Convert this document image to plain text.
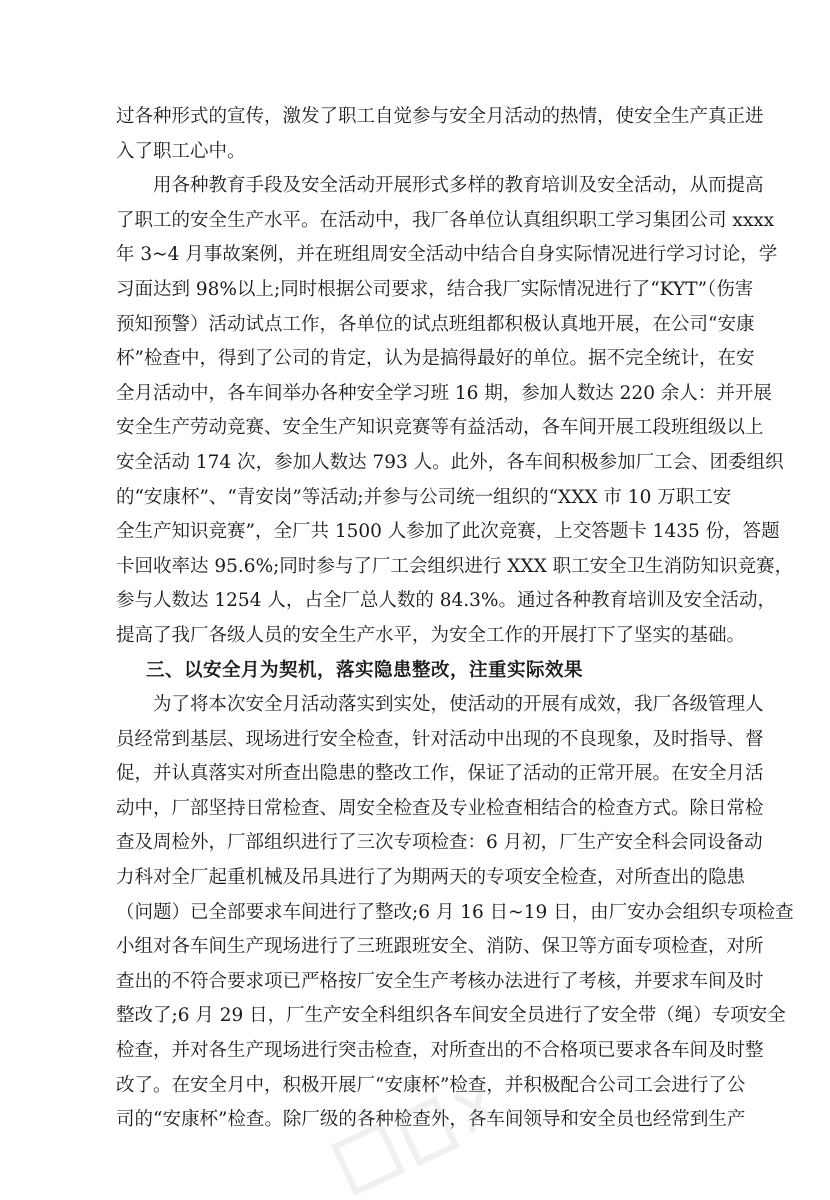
过各种形式的宣传，激发了职工自觉参与安全月活动的热情，使安全生产真正进
入了职工心中。
用各种教育手段及安全活动开展形式多样的教育培训及安全活动，从而提高
了职工的安全生产水平。在活动中，我厂各单位认真组织职工学习集团公司 xxxx
年 3~4 月事故案例，并在班组周安全活动中结合自身实际情况进行学习讨论，学
习面达到 98%以上;同时根据公司要求，结合我厂实际情况进行了“KYT”（伤害
预知预警）活动试点工作，各单位的试点班组都积极认真地开展，在公司“安康
杯”检查中，得到了公司的肯定，认为是搞得最好的单位。据不完全统计，在安
全月活动中，各车间举办各种安全学习班 16 期，参加人数达 220 余人：并开展
安全生产劳动竞赛、安全生产知识竞赛等有益活动，各车间开展工段班组级以上
安全活动 174 次，参加人数达 793 人。此外，各车间积极参加厂工会、团委组织
的“安康杯”、“青安岗”等活动;并参与公司统一组织的“XXX 市 10 万职工安
全生产知识竞赛”，全厂共 1500 人参加了此次竞赛，上交答题卡 1435 份，答题
卡回收率达 95.6%;同时参与了厂工会组织进行 XXX 职工安全卫生消防知识竞赛，
参与人数达 1254 人，占全厂总人数的 84.3%。通过各种教育培训及安全活动，
提高了我厂各级人员的安全生产水平，为安全工作的开展打下了坚实的基础。
三、以安全月为契机，落实隐患整改，注重实际效果
为了将本次安全月活动落实到实处，使活动的开展有成效，我厂各级管理人
员经常到基层、现场进行安全检查，针对活动中出现的不良现象，及时指导、督
促，并认真落实对所查出隐患的整改工作，保证了活动的正常开展。在安全月活
动中，厂部坚持日常检查、周安全检查及专业检查相结合的检查方式。除日常检
查及周检外，厂部组织进行了三次专项检查：6 月初，厂生产安全科会同设备动
力科对全厂起重机械及吊具进行了为期两天的专项安全检查，对所查出的隐患
（问题）已全部要求车间进行了整改;6 月 16 日~19 日，由厂安办会组织专项检查
小组对各车间生产现场进行了三班跟班安全、消防、保卫等方面专项检查，对所
查出的不符合要求项已严格按厂安全生产考核办法进行了考核，并要求车间及时
整改了;6 月 29 日，厂生产安全科组织各车间安全员进行了安全带（绳）专项安全
检查，并对各生产现场进行突击检查，对所查出的不合格项已要求各车间及时整
改了。在安全月中，积极开展厂“安康杯”检查，并积极配合公司工会进行了公
司的“安康杯”检查。除厂级的各种检查外，各车间领导和安全员也经常到生产
